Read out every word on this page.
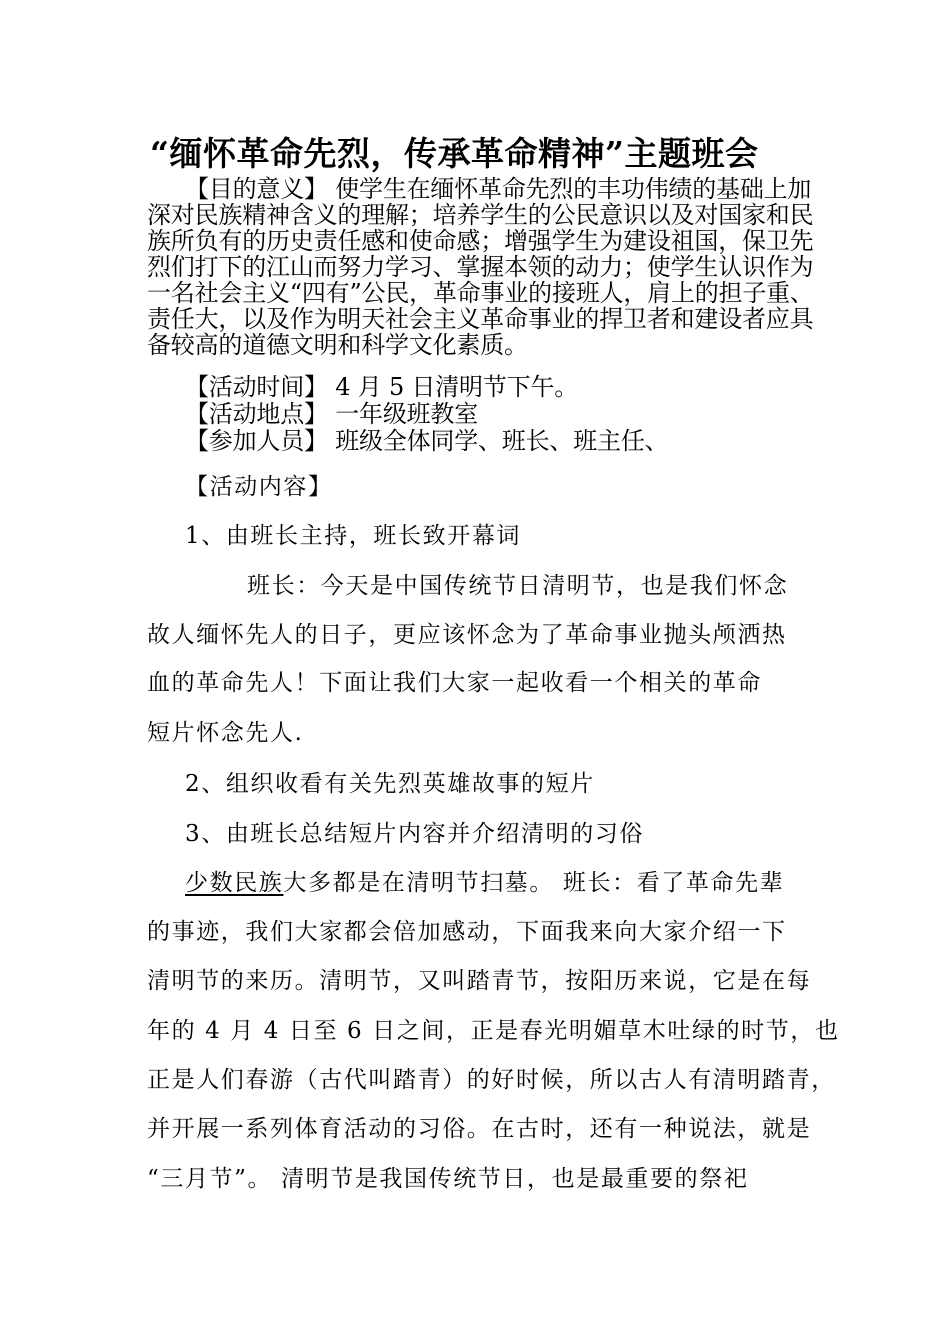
“缅怀革命先烈，传承革命精神”主题班会
【目的意义】 使学生在缅怀革命先烈的丰功伟绩的基础上加深对民族精神含义的理解；培养学生的公民意识以及对国家和民族所负有的历史责任感和使命感；增强学生为建设祖国，保卫先烈们打下的江山而努力学习、掌握本领的动力；使学生认识作为一名社会主义“四有”公民，革命事业的接班人，肩上的担子重、责任大，以及作为明天社会主义革命事业的捍卫者和建设者应具备较高的道德文明和科学文化素质。
【活动时间】 4 月 5 日清明节下午。
【活动地点】 一年级班教室
【参加人员】 班级全体同学、班长、班主任、
【活动内容】
1、由班长主持，班长致开幕词
班长：今天是中国传统节日清明节，也是我们怀念
故人缅怀先人的日子，更应该怀念为了革命事业抛头颅洒热
血的革命先人！下面让我们大家一起收看一个相关的革命
短片怀念先人.
2、组织收看有关先烈英雄故事的短片
3、由班长总结短片内容并介绍清明的习俗
少数民族大多都是在清明节扫墓。 班长：看了革命先辈
的事迹，我们大家都会倍加感动，下面我来向大家介绍一下
清明节的来历。清明节，又叫踏青节，按阳历来说，它是在每
年的 4 月 4 日至 6 日之间，正是春光明媚草木吐绿的时节，也
正是人们春游（古代叫踏青）的好时候，所以古人有清明踏青，
并开展一系列体育活动的习俗。在古时，还有一种说法，就是
“三月节”。 清明节是我国传统节日，也是最重要的祭祀
